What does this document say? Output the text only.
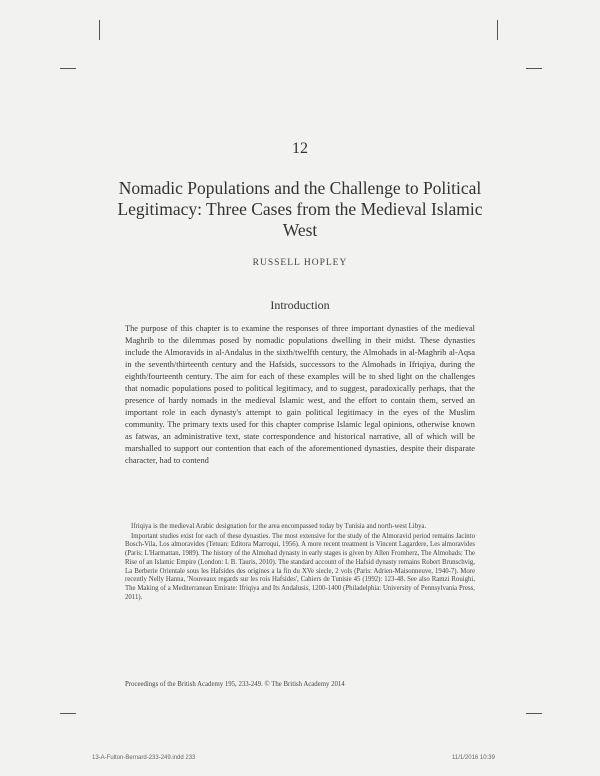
12
Nomadic Populations and the Challenge to Political Legitimacy: Three Cases from the Medieval Islamic West
RUSSELL HOPLEY
Introduction
The purpose of this chapter is to examine the responses of three important dynasties of the medieval Maghrib to the dilemmas posed by nomadic populations dwelling in their midst. These dynasties include the Almoravids in al-Andalus in the sixth/twelfth century, the Almohads in al-Maghrib al-Aqsa in the seventh/thirteenth century and the Hafsids, successors to the Almohads in Ifriqiya, during the eighth/fourteenth century. The aim for each of these examples will be to shed light on the challenges that nomadic populations posed to political legitimacy, and to suggest, paradoxically perhaps, that the presence of hardy nomads in the medieval Islamic west, and the effort to contain them, served an important role in each dynasty's attempt to gain political legitimacy in the eyes of the Muslim community. The primary texts used for this chapter comprise Islamic legal opinions, otherwise known as fatwas, an administrative text, state correspondence and historical narrative, all of which will be marshalled to support our contention that each of the aforementioned dynasties, despite their disparate character, had to contend

Ifriqiya is the medieval Arabic designation for the area encompassed today by Tunisia and north-west Libya.

Important studies exist for each of these dynasties. The most extensive for the study of the Almoravid period remains Jacinto Bosch-Vila, Los almoravides (Tetuan: Editora Marroqui, 1956). A more recent treatment is Vincent Lagardere, Les almoravides (Paris: L'Harmattan, 1989). The history of the Almohad dynasty in early stages is given by Allen Fromherz, The Almohads: The Rise of an Islamic Empire (London: I. B. Tauris, 2010). The standard account of the Hafsid dynasty remains Robert Brunschvig, La Berberie Orientale sous les Hafsides des origines a la fin du XVe siecle, 2 vols (Paris: Adrien-Maisonneuve, 1940-7). More recently Nelly Hanna, 'Nouveaux regards sur les rois Hafsides', Cahiers de Tunisie 45 (1992): 123-48. See also Ramzi Rouighi, The Making of a Mediterranean Emirate: Ifriqiya and Its Andalusis, 1200-1400 (Philadelphia: University of Pennsylvania Press, 2011).

Proceedings of the British Academy 195, 233-249. © The British Academy 2014
13-A-Fulton-Bernard-233-249.indd 233	11/1/2016 10:39
